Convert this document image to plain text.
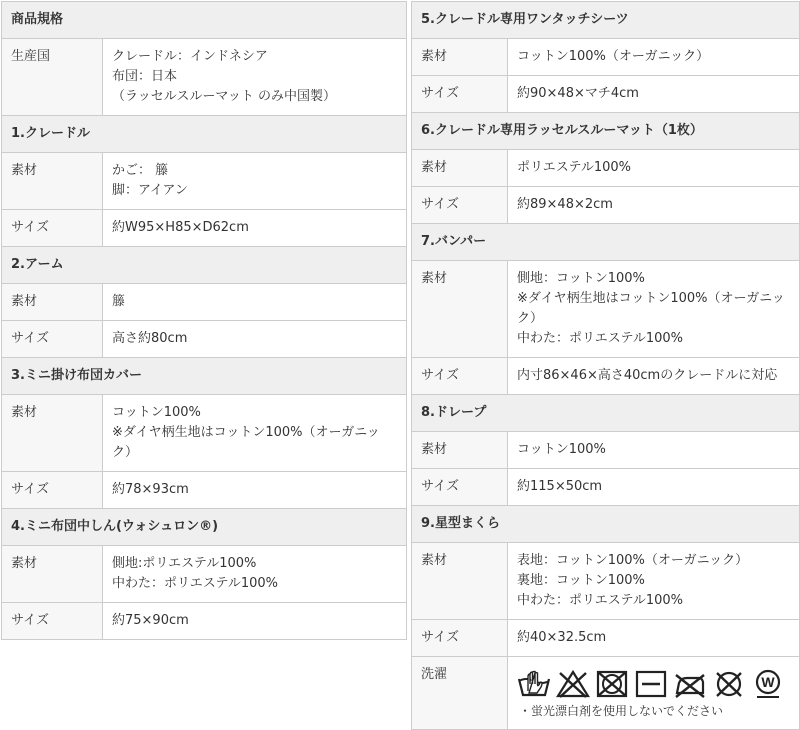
商品規格	
生産国	クレードル：インドネシア
布団：日本
（ラッセルスルーマット のみ中国製）

1.クレードル	
素材	かご： 籐
脚：アイアン

サイズ	約W95×H85×D62cm

2.アーム	
素材	籐

サイズ	高さ約80cm

3.ミニ掛け布団カバー	
素材	コットン100%
※ダイヤ柄生地はコットン100%（オーガニック）

サイズ	約78×93cm

4.ミニ布団中しん(ウォシュロン®)	
素材	側地:ポリエステル100%
中わた：ポリエステル100%

サイズ	約75×90cm
5.クレードル専用ワンタッチシーツ	
素材	コットン100%（オーガニック）

サイズ	約90×48×マチ4cm

6.クレードル専用ラッセルスルーマット（1枚）	
素材	ポリエステル100%

サイズ	約89×48×2cm

7.バンパー	
素材	側地：コットン100%
※ダイヤ柄生地はコットン100%（オーガニック）
中わた：ポリエステル100%

サイズ	内寸86×46×高さ40cmのクレードルに対応

8.ドレープ	
素材	コットン100%

サイズ	約115×50cm

9.星型まくら	
素材	表地：コットン100%（オーガニック）
裏地：コットン100%
中わた：ポリエステル100%

サイズ	約40×32.5cm

洗濯	W
・蛍光漂白剤を使用しないでください
